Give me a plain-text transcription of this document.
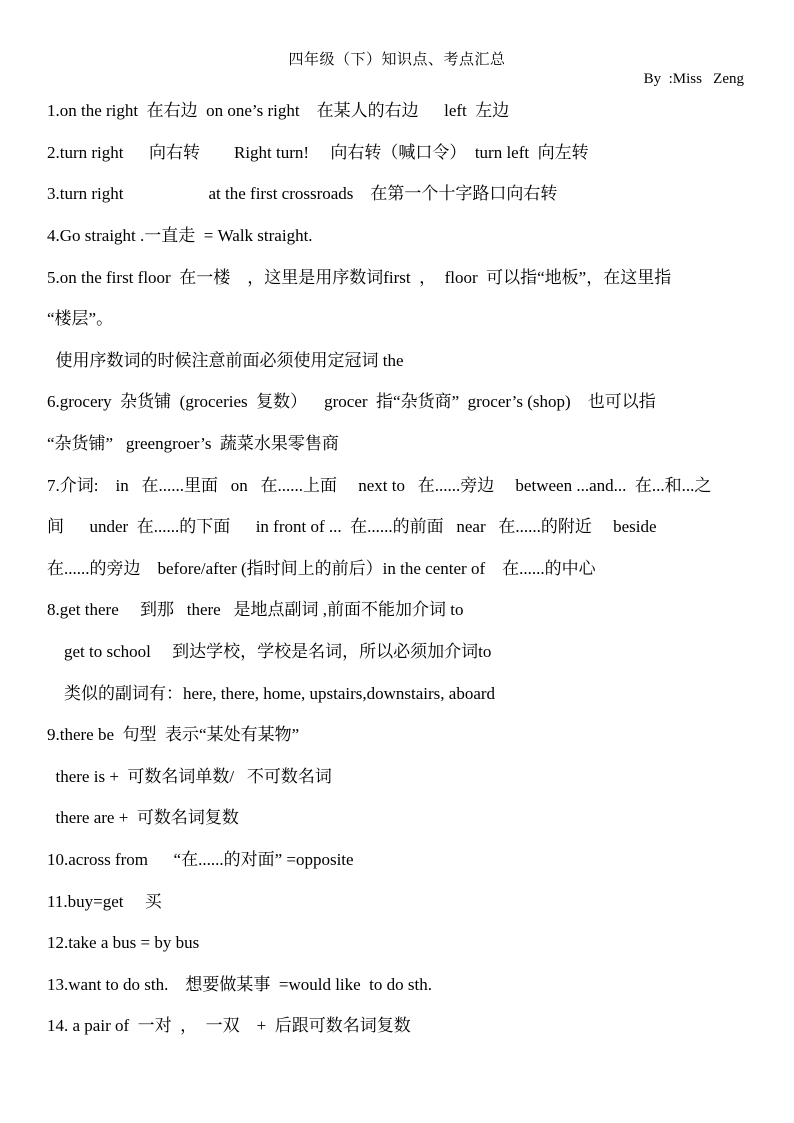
四年级（下）知识点、考点汇总
By  :Miss   Zeng
1.on the right  在右边  on one’s right    在某人的右边      left  左边
2.turn right      向右转        Right turn!     向右转（喊口令）  turn left  向左转
3.turn right                    at the first crossroads    在第一个十字路口向右转
4.Go straight .一直走  = Walk straight.
5.on the first floor  在一楼    ，这里是用序数词first  ，  floor  可以指“地板”，在这里指
“楼层”。
使用序数词的时候注意前面必须使用定冠词 the
6.grocery  杂货铺  (groceries  复数）    grocer  指“杂货商”  grocer’s (shop)    也可以指
“杂货铺”   greengroer’s  蔬菜水果零售商
7.介词:    in   在......里面   on   在......上面     next to   在......旁边     between ...and...  在...和...之
间      under  在......的下面      in front of ...  在......的前面   near   在......的附近     beside
在......的旁边    before/after (指时间上的前后）in the center of    在......的中心
8.get there     到那   there   是地点副词 ,前面不能加介词 to
get to school     到达学校，学校是名词，所以必须加介词to
类似的副词有：here, there, home, upstairs,downstairs, aboard
9.there be  句型  表示“某处有某物”
there is +  可数名词单数/   不可数名词
there are +  可数名词复数
10.across from      “在......的对面” =opposite
11.buy=get     买
12.take a bus = by bus
13.want to do sth.    想要做某事  =would like  to do sth.
14. a pair of  一对  ，  一双    +  后跟可数名词复数
